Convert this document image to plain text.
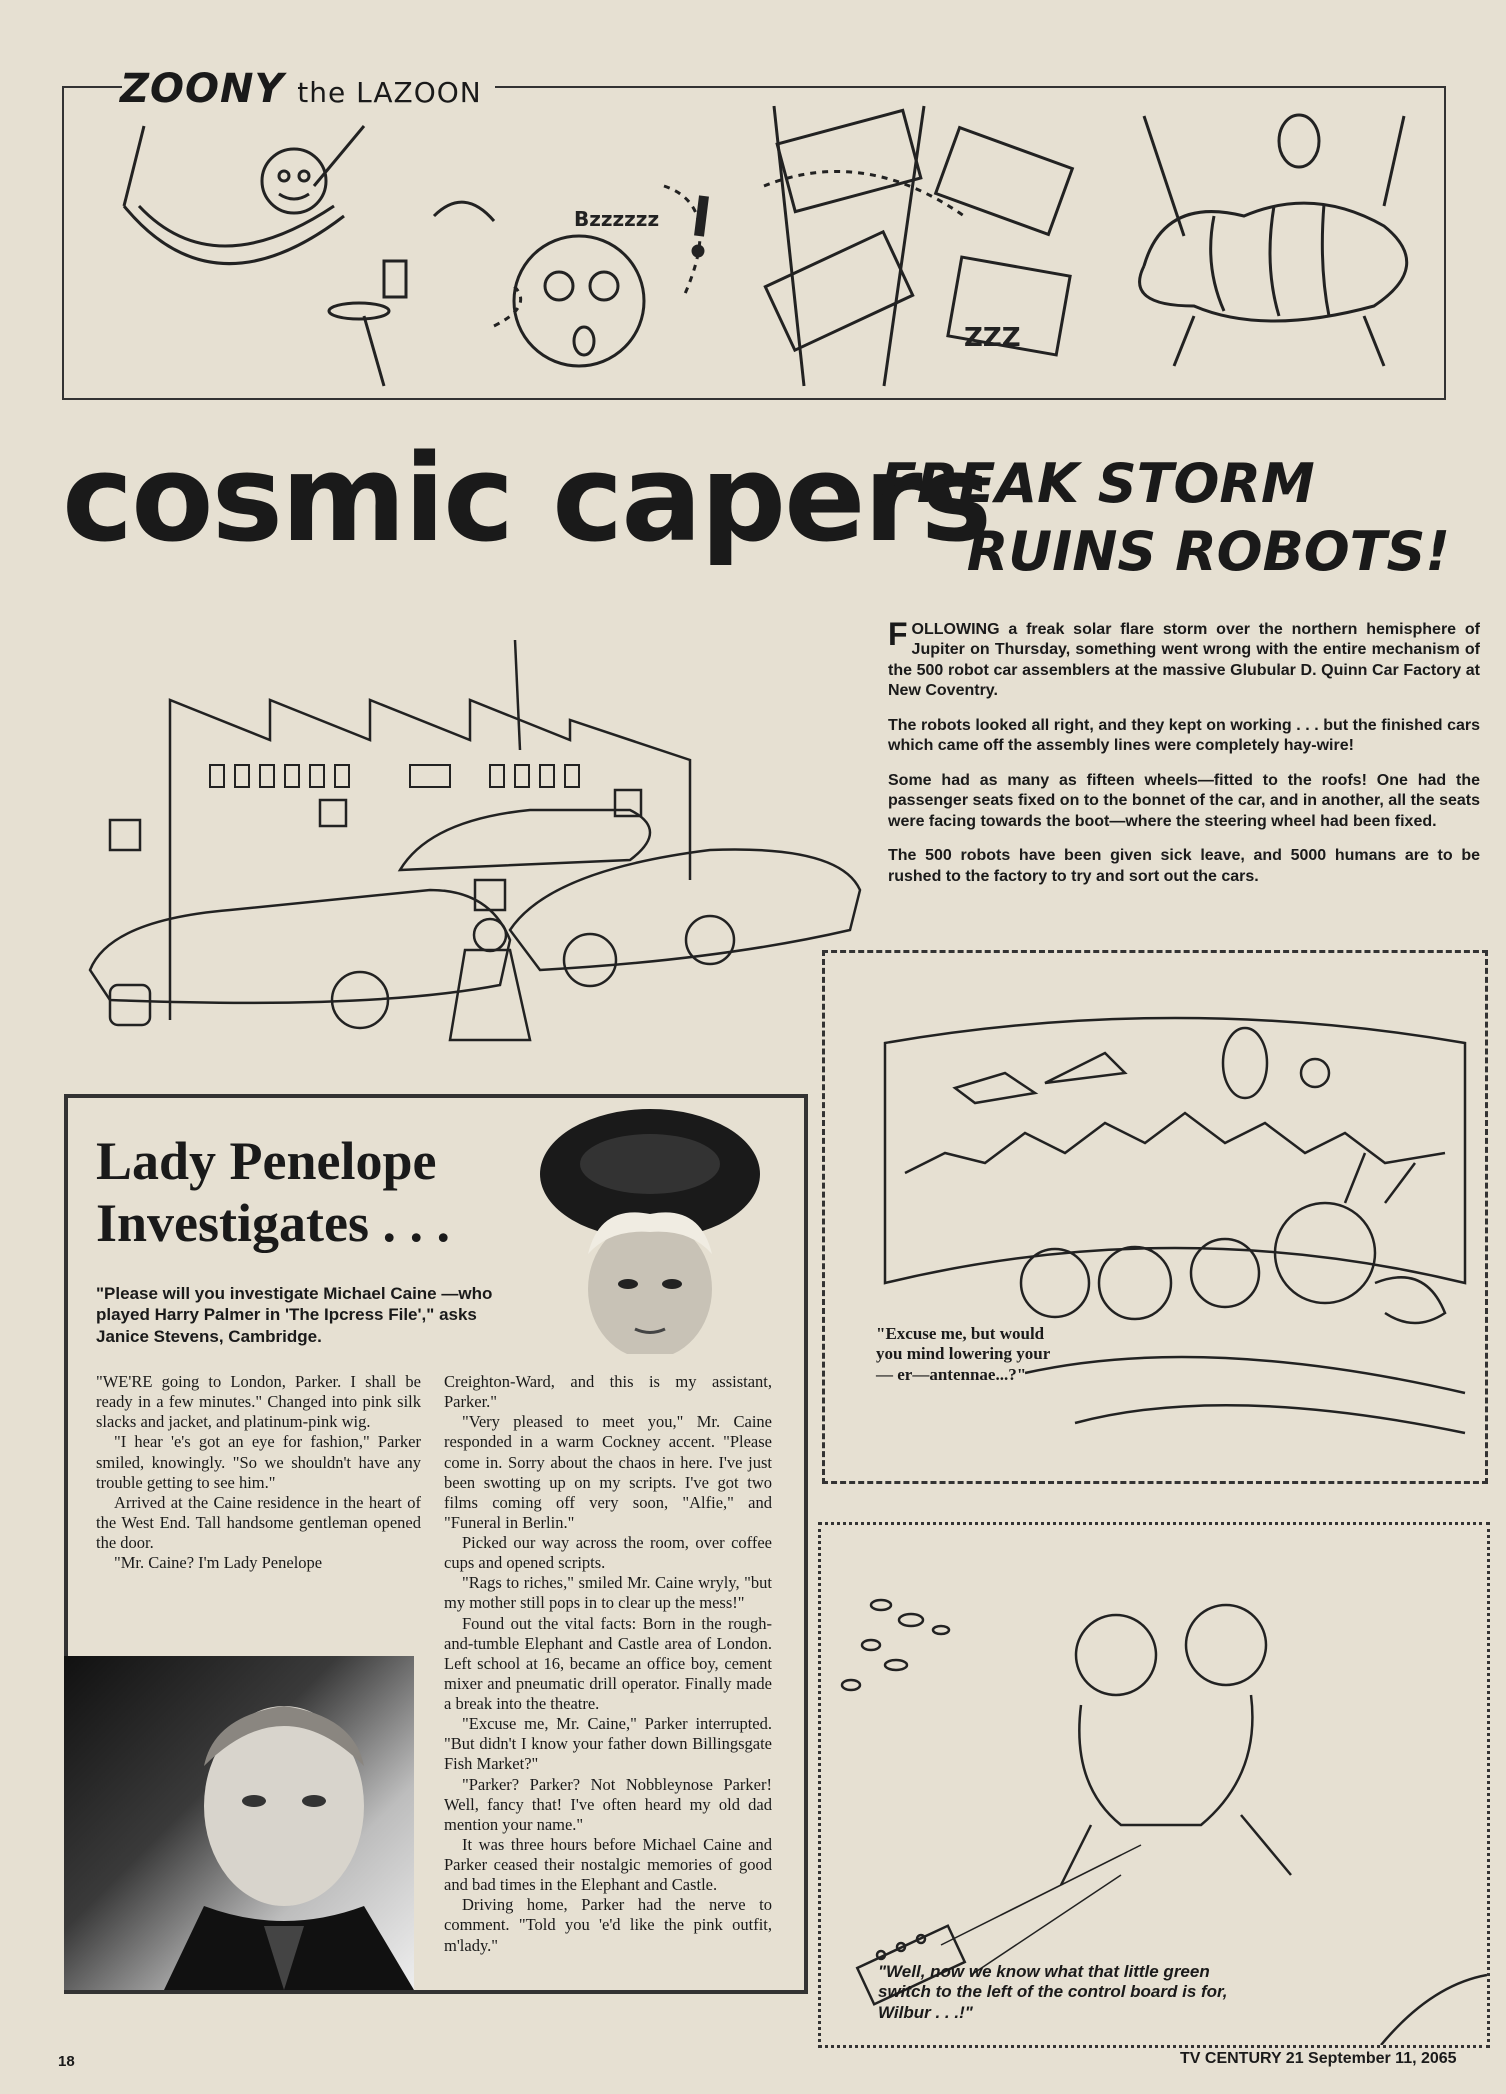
Bzzzzzz
ZZZ
ZOONY the LAZOON
cosmic capers
FREAK STORM
RUINS ROBOTS!

FOLLOWING a freak solar flare storm over the northern hemisphere of Jupiter on Thursday, something went wrong with the entire mechanism of the 500 robot car assemblers at the massive Glubular D. Quinn Car Factory at New Coventry.

The robots looked all right, and they kept on working . . . but the finished cars which came off the assembly lines were completely hay-wire!

Some had as many as fifteen wheels—fitted to the roofs! One had the passenger seats fixed on to the bonnet of the car, and in another, all the seats were facing towards the boot—where the steering wheel had been fixed.

The 500 robots have been given sick leave, and 5000 humans are to be rushed to the factory to try and sort out the cars.

Lady Penelope
Investigates . . .
"Please will you investigate Michael Caine —who played Harry Palmer in 'The Ipcress File'," asks Janice Stevens, Cambridge.

"WE'RE going to London, Parker. I shall be ready in a few minutes." Changed into pink silk slacks and jacket, and platinum-pink wig.

"I hear 'e's got an eye for fashion," Parker smiled, knowingly. "So we shouldn't have any trouble getting to see him."

Arrived at the Caine residence in the heart of the West End. Tall handsome gentleman opened the door.

"Mr. Caine? I'm Lady Penelope

Creighton-Ward, and this is my assistant, Parker."

"Very pleased to meet you," Mr. Caine responded in a warm Cockney accent. "Please come in. Sorry about the chaos in here. I've just been swotting up on my scripts. I've got two films coming off very soon, "Alfie," and "Funeral in Berlin."

Picked our way across the room, over coffee cups and opened scripts.

"Rags to riches," smiled Mr. Caine wryly, "but my mother still pops in to clear up the mess!"

Found out the vital facts: Born in the rough-and-tumble Elephant and Castle area of London. Left school at 16, became an office boy, cement mixer and pneumatic drill operator. Finally made a break into the theatre.

"Excuse me, Mr. Caine," Parker interrupted. "But didn't I know your father down Billingsgate Fish Market?"

"Parker? Parker? Not Nobbleynose Parker! Well, fancy that! I've often heard my old dad mention your name."

It was three hours before Michael Caine and Parker ceased their nostalgic memories of good and bad times in the Elephant and Castle.

Driving home, Parker had the nerve to comment. "Told you 'e'd like the pink outfit, m'lady."

"Excuse me, but would you mind lowering your— er—antennae...?"
"Well, now we know what that little green switch to the left of the control board is for, Wilbur . . .!"
18	TV CENTURY 21 September 11, 2065
